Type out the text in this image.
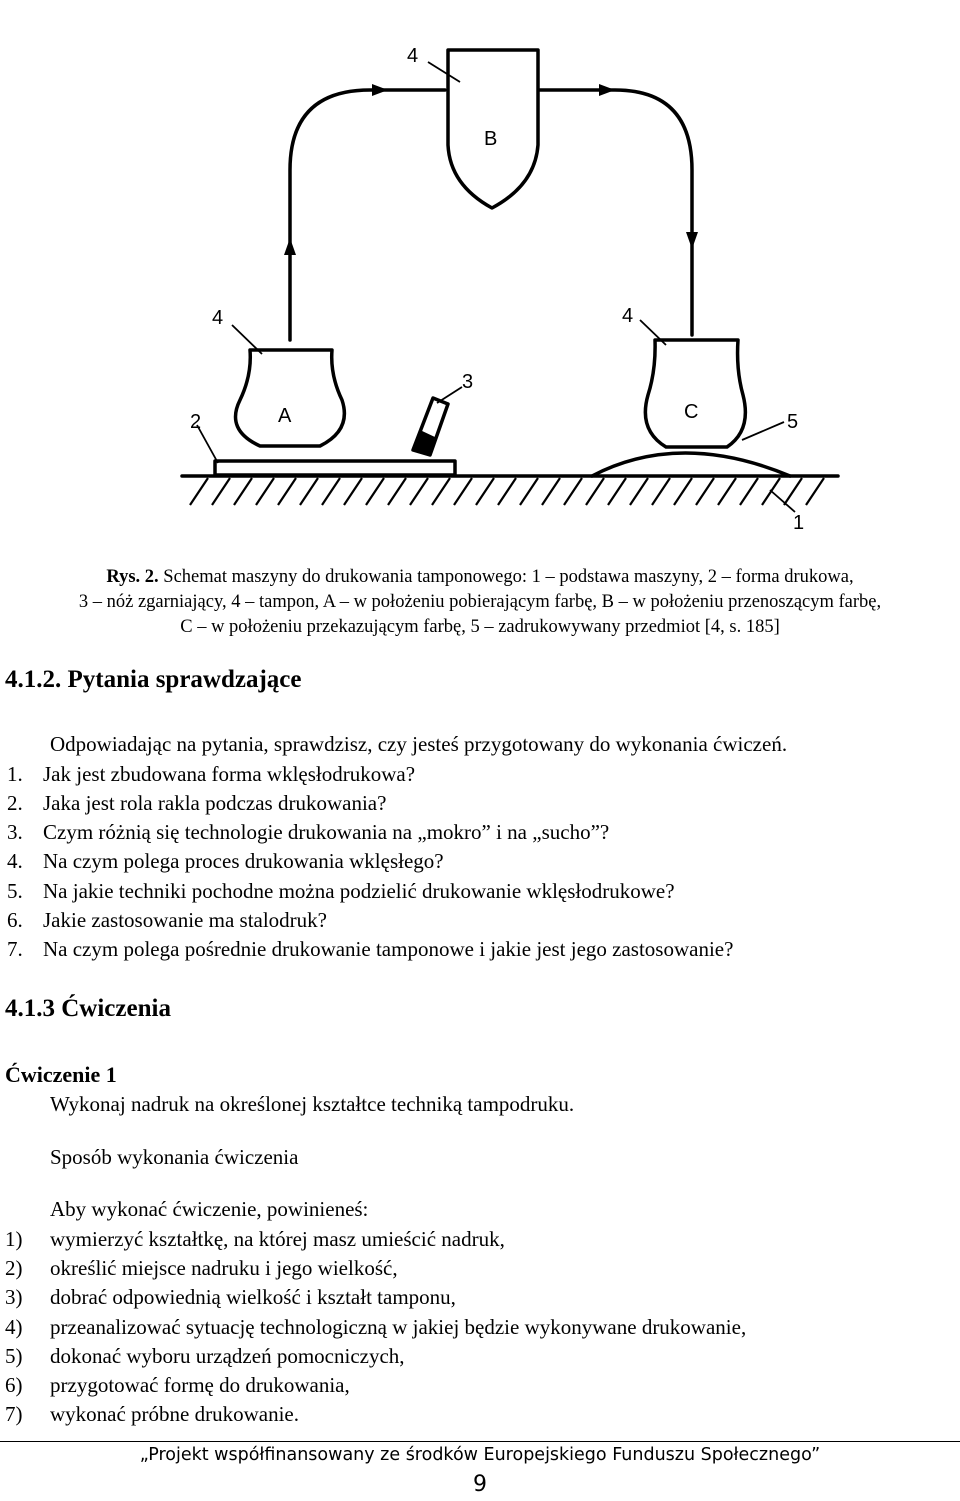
4
B
4	4
3
2	A	C	5
1
Rys. 2. Schemat maszyny do drukowania tamponowego: 1 – podstawa maszyny, 2 – forma drukowa,
3 – nóż zgarniający, 4 – tampon, A – w położeniu pobierającym farbę, B – w położeniu przenoszącym farbę,
C – w położeniu przekazującym farbę, 5 – zadrukowywany przedmiot [4, s. 185]
4.1.2. Pytania sprawdzające
Odpowiadając na pytania, sprawdzisz, czy jesteś przygotowany do wykonania ćwiczeń.
1. Jak jest zbudowana forma wklęsłodrukowa?
2. Jaka jest rola rakla podczas drukowania?
3. Czym różnią się technologie drukowania na „mokro” i na „sucho”?
4. Na czym polega proces drukowania wklęsłego?
5. Na jakie techniki pochodne można podzielić drukowanie wklęsłodrukowe?
6. Jakie zastosowanie ma stalodruk?
7. Na czym polega pośrednie drukowanie tamponowe i jakie jest jego zastosowanie?
4.1.3 Ćwiczenia
Ćwiczenie 1
Wykonaj nadruk na określonej kształtce techniką tampodruku.
Sposób wykonania ćwiczenia
Aby wykonać ćwiczenie, powinieneś:
1) wymierzyć kształtkę, na której masz umieścić nadruk,
2) określić miejsce nadruku i jego wielkość,
3) dobrać odpowiednią wielkość i kształt tamponu,
4) przeanalizować sytuację technologiczną w jakiej będzie wykonywane drukowanie,
5) dokonać wyboru urządzeń pomocniczych,
6) przygotować formę do drukowania,
7) wykonać próbne drukowanie.
„Projekt współfinansowany ze środków Europejskiego Funduszu Społecznego”
9
